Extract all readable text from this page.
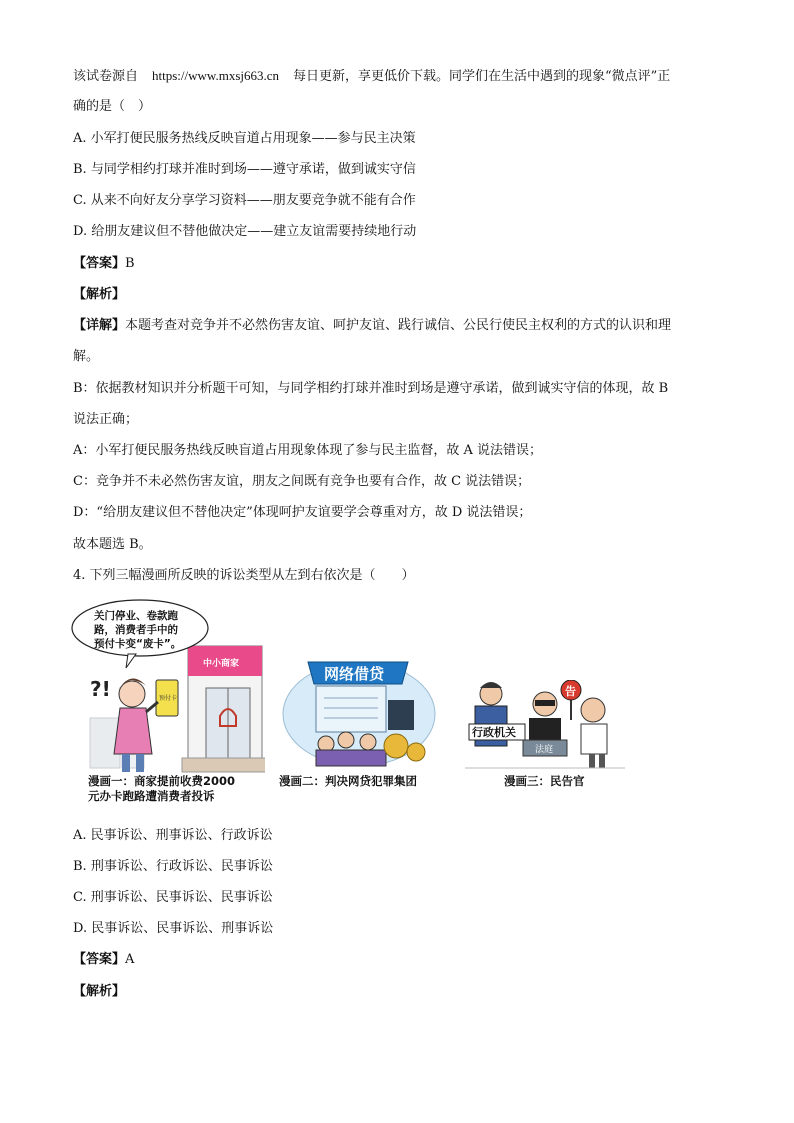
该试卷源自 https://www.mxsj663.cn 每日更新，享更低价下载。同学们在生活中遇到的现象“微点评”正
确的是（　）
A. 小军打便民服务热线反映盲道占用现象——参与民主决策
B. 与同学相约打球并准时到场——遵守承诺，做到诚实守信
C. 从来不向好友分享学习资料——朋友要竞争就不能有合作
D. 给朋友建议但不替他做决定——建立友谊需要持续地行动
【答案】B
【解析】
【详解】本题考查对竞争并不必然伤害友谊、呵护友谊、践行诚信、公民行使民主权利的方式的认识和理
解。
B：依据教材知识并分析题干可知，与同学相约打球并准时到场是遵守承诺，做到诚实守信的体现，故 B
说法正确；
A：小军打便民服务热线反映盲道占用现象体现了参与民主监督，故 A 说法错误；
C：竞争并不未必然伤害友谊，朋友之间既有竞争也要有合作，故 C 说法错误；
D：“给朋友建议但不替他决定”体现呵护友谊要学会尊重对方，故 D 说法错误；
故本题选 B。
4. 下列三幅漫画所反映的诉讼类型从左到右依次是（　　）
中小商家
?!	预付卡
关门停业、卷款跑
路，消费者手中的
预付卡变“废卡”。
漫画一：商家提前收费2000
元办卡跑路遭消费者投诉
网络借贷
漫画二：判决网贷犯罪集团
行政机关
法庭
告
漫画三：民告官
A. 民事诉讼、刑事诉讼、行政诉讼
B. 刑事诉讼、行政诉讼、民事诉讼
C. 刑事诉讼、民事诉讼、民事诉讼
D. 民事诉讼、民事诉讼、刑事诉讼
【答案】A
【解析】
